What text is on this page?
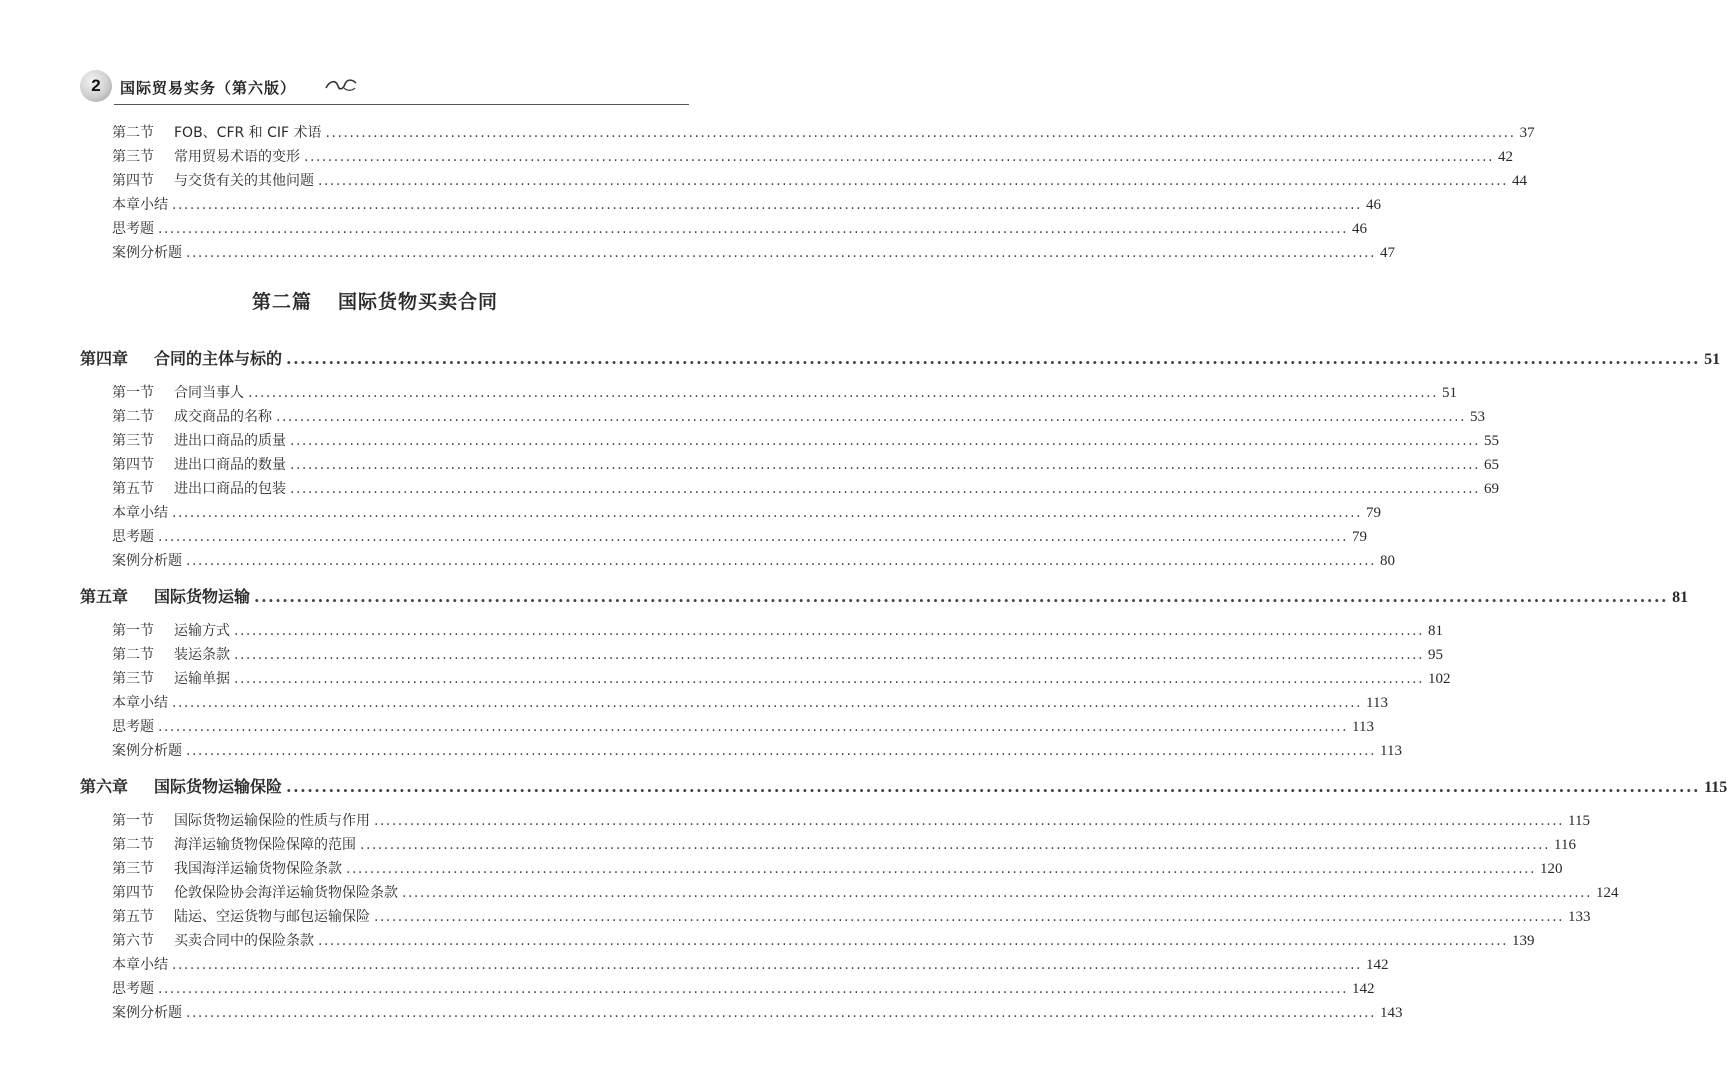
2	国际贸易实务（第六版）
第二节 FOB、CFR 和 CIF 术语 ........................................................................................................................................................................................................ 37
第三节 常用贸易术语的变形 ........................................................................................................................................................................................................ 42
第四节 与交货有关的其他问题 ........................................................................................................................................................................................................ 44
本章小结 ........................................................................................................................................................................................................ 46
思考题 ........................................................................................................................................................................................................ 46
案例分析题 ........................................................................................................................................................................................................ 47
第二篇 国际货物买卖合同
第四章 合同的主体与标的 ........................................................................................................................................................................................................ 51
第一节 合同当事人 ........................................................................................................................................................................................................ 51
第二节 成交商品的名称 ........................................................................................................................................................................................................ 53
第三节 进出口商品的质量 ........................................................................................................................................................................................................ 55
第四节 进出口商品的数量 ........................................................................................................................................................................................................ 65
第五节 进出口商品的包装 ........................................................................................................................................................................................................ 69
本章小结 ........................................................................................................................................................................................................ 79
思考题 ........................................................................................................................................................................................................ 79
案例分析题 ........................................................................................................................................................................................................ 80
第五章 国际货物运输 ........................................................................................................................................................................................................ 81
第一节 运输方式 ........................................................................................................................................................................................................ 81
第二节 装运条款 ........................................................................................................................................................................................................ 95
第三节 运输单据 ........................................................................................................................................................................................................ 102
本章小结 ........................................................................................................................................................................................................ 113
思考题 ........................................................................................................................................................................................................ 113
案例分析题 ........................................................................................................................................................................................................ 113
第六章 国际货物运输保险 ........................................................................................................................................................................................................ 115
第一节 国际货物运输保险的性质与作用 ........................................................................................................................................................................................................ 115
第二节 海洋运输货物保险保障的范围 ........................................................................................................................................................................................................ 116
第三节 我国海洋运输货物保险条款 ........................................................................................................................................................................................................ 120
第四节 伦敦保险协会海洋运输货物保险条款 ........................................................................................................................................................................................................ 124
第五节 陆运、空运货物与邮包运输保险 ........................................................................................................................................................................................................ 133
第六节 买卖合同中的保险条款 ........................................................................................................................................................................................................ 139
本章小结 ........................................................................................................................................................................................................ 142
思考题 ........................................................................................................................................................................................................ 142
案例分析题 ........................................................................................................................................................................................................ 143
